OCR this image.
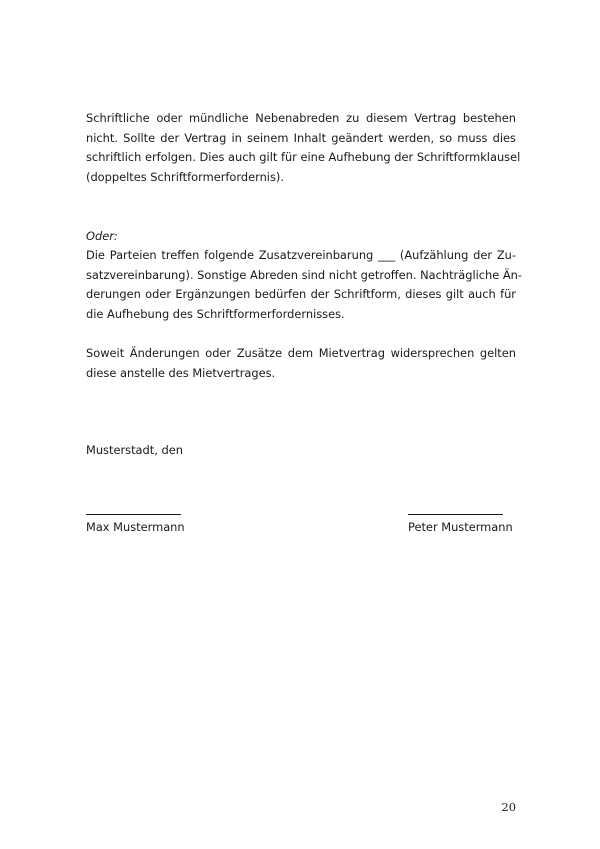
Schriftliche oder mündliche Nebenabreden zu diesem Vertrag bestehen
nicht. Sollte der Vertrag in seinem Inhalt geändert werden, so muss dies
schriftlich erfolgen. Dies auch gilt für eine Aufhebung der Schriftformklausel
(doppeltes Schriftformerfordernis).
Oder:
Die Parteien treffen folgende Zusatzvereinbarung ___ (Aufzählung der Zu-
satzvereinbarung). Sonstige Abreden sind nicht getroffen. Nachträgliche Än-
derungen oder Ergänzungen bedürfen der Schriftform, dieses gilt auch für
die Aufhebung des Schriftformerfordernisses.
Soweit Änderungen oder Zusätze dem Mietvertrag widersprechen gelten
diese anstelle des Mietvertrages.
Musterstadt, den
Max Mustermann	Peter Mustermann
20
